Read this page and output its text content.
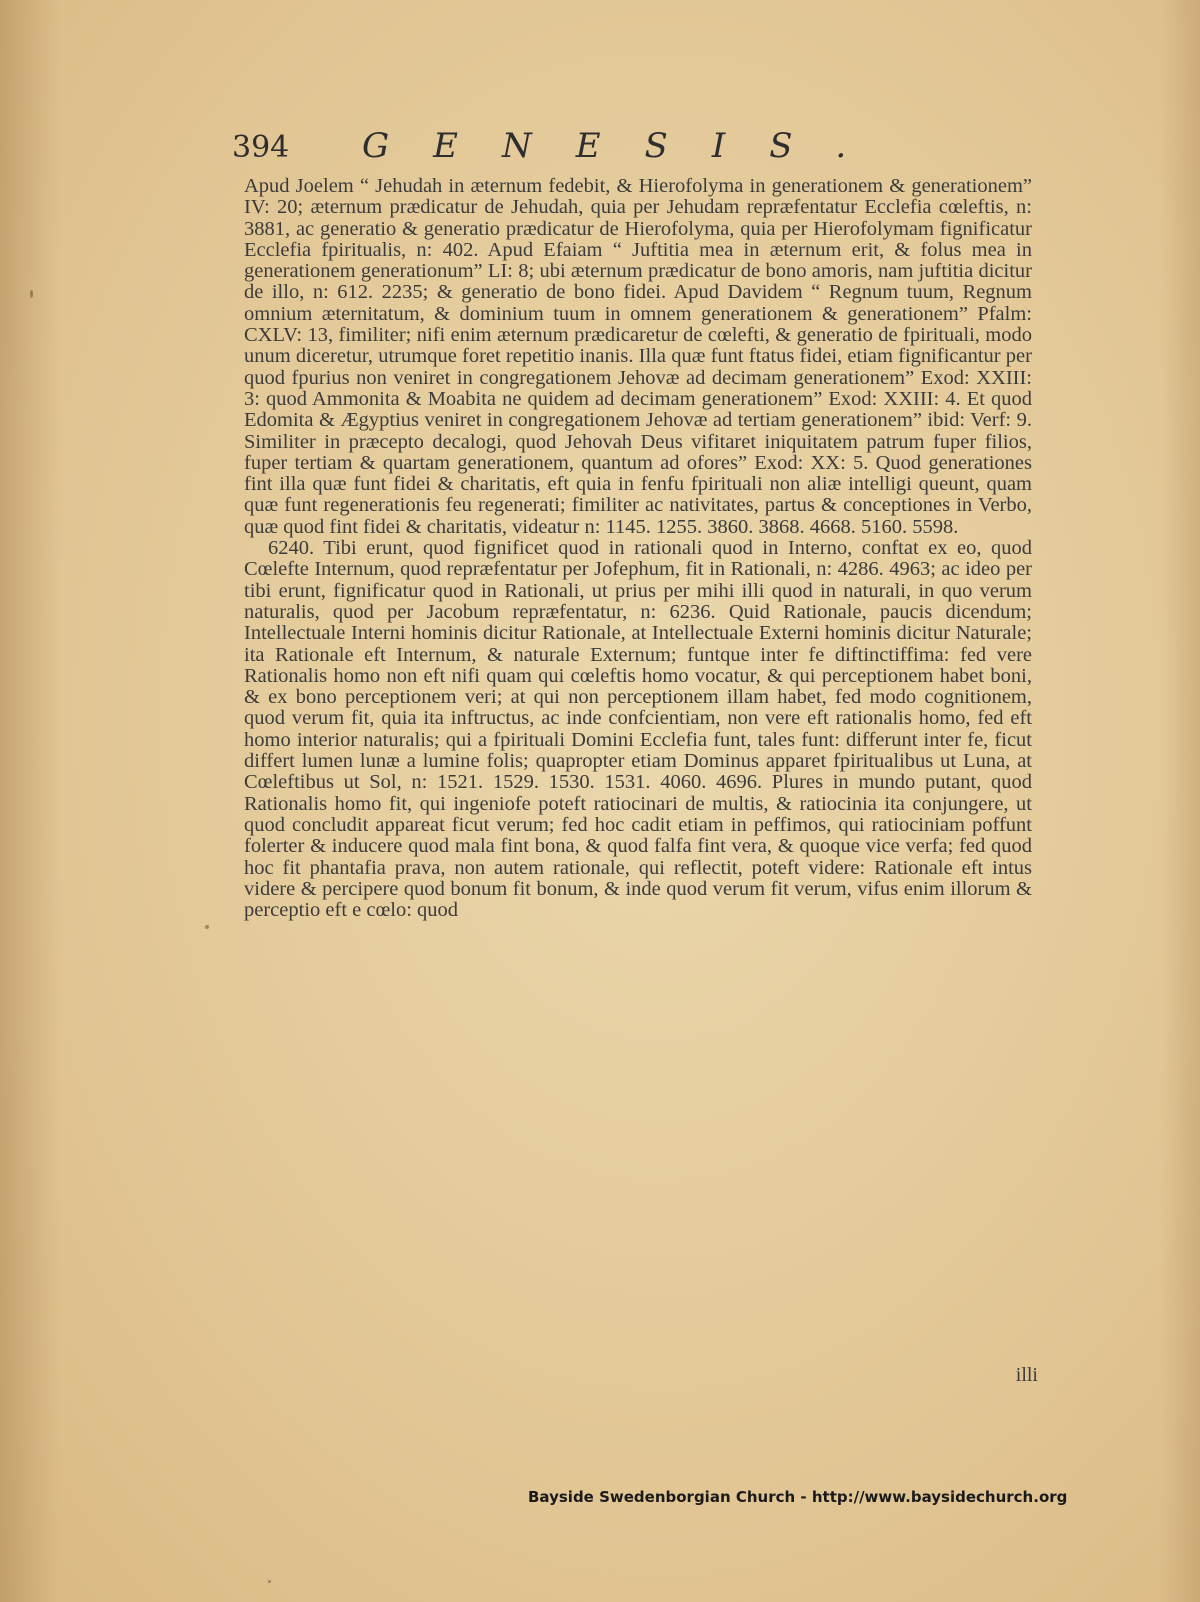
394	GENESIS.

Apud Joelem “ Jehudah in æternum fedebit, & Hierofolyma in generationem & generationem” IV: 20; æternum prædicatur de Jehudah, quia per Jehudam repræfentatur Ecclefia cœleftis, n: 3881, ac generatio & generatio prædicatur de Hierofolyma, quia per Hierofolymam fignificatur Ecclefia fpiritualis, n: 402. Apud Efaiam “ Juftitia mea in æternum erit, & folus mea in generationem generationum” LI: 8; ubi æternum prædicatur de bono amoris, nam juftitia dicitur de illo, n: 612. 2235; & generatio de bono fidei. Apud Davidem “ Regnum tuum, Regnum omnium æternitatum, & dominium tuum in omnem generationem & generationem” Pfalm: CXLV: 13, fimiliter; nifi enim æternum prædicaretur de cœlefti, & generatio de fpirituali, modo unum diceretur, utrumque foret repetitio inanis. Illa quæ funt ftatus fidei, etiam fignificantur per quod fpurius non veniret in congregationem Jehovæ ad decimam generationem” Exod: XXIII: 3: quod Ammonita & Moabita ne quidem ad decimam generationem” Exod: XXIII: 4. Et quod Edomita & Ægyptius veniret in congregationem Jehovæ ad tertiam generationem” ibid: Verf: 9. Similiter in præcepto decalogi, quod Jehovah Deus vifitaret iniquitatem patrum fuper filios, fuper tertiam & quartam generationem, quantum ad ofores” Exod: XX: 5. Quod generationes fint illa quæ funt fidei & charitatis, eft quia in fenfu fpirituali non aliæ intelligi queunt, quam quæ funt regenerationis feu regenerati; fimiliter ac nativitates, partus & conceptiones in Verbo, quæ quod fint fidei & charitatis, videatur n: 1145. 1255. 3860. 3868. 4668. 5160. 5598.

6240. Tibi erunt, quod fignificet quod in rationali quod in Interno, conftat ex eo, quod Cœlefte Internum, quod repræfentatur per Jofephum, fit in Rationali, n: 4286. 4963; ac ideo per tibi erunt, fignificatur quod in Rationali, ut prius per mihi illi quod in naturali, in quo verum naturalis, quod per Jacobum repræfentatur, n: 6236. Quid Rationale, paucis dicendum; Intellectuale Interni hominis dicitur Rationale, at Intellectuale Externi hominis dicitur Naturale; ita Rationale eft Internum, & naturale Externum; funtque inter fe diftinctiffima: fed vere Rationalis homo non eft nifi quam qui cœleftis homo vocatur, & qui perceptionem habet boni, & ex bono perceptionem veri; at qui non perceptionem illam habet, fed modo cognitionem, quod verum fit, quia ita inftructus, ac inde confcientiam, non vere eft rationalis homo, fed eft homo interior naturalis; qui a fpirituali Domini Ecclefia funt, tales funt: differunt inter fe, ficut differt lumen lunæ a lumine folis; quapropter etiam Dominus apparet fpiritualibus ut Luna, at Cœleftibus ut Sol, n: 1521. 1529. 1530. 1531. 4060. 4696. Plures in mundo putant, quod Rationalis homo fit, qui ingeniofe poteft ratiocinari de multis, & ratiocinia ita conjungere, ut quod concludit appareat ficut verum; fed hoc cadit etiam in peffimos, qui ratiociniam poffunt folerter & inducere quod mala fint bona, & quod falfa fint vera, & quoque vice verfa; fed quod hoc fit phantafia prava, non autem rationale, qui reflectit, poteft videre: Rationale eft intus videre & percipere quod bonum fit bonum, & inde quod verum fit verum, vifus enim illorum & perceptio eft e cœlo: quod

illi
Bayside Swedenborgian Church - http://www.baysidechurch.org
